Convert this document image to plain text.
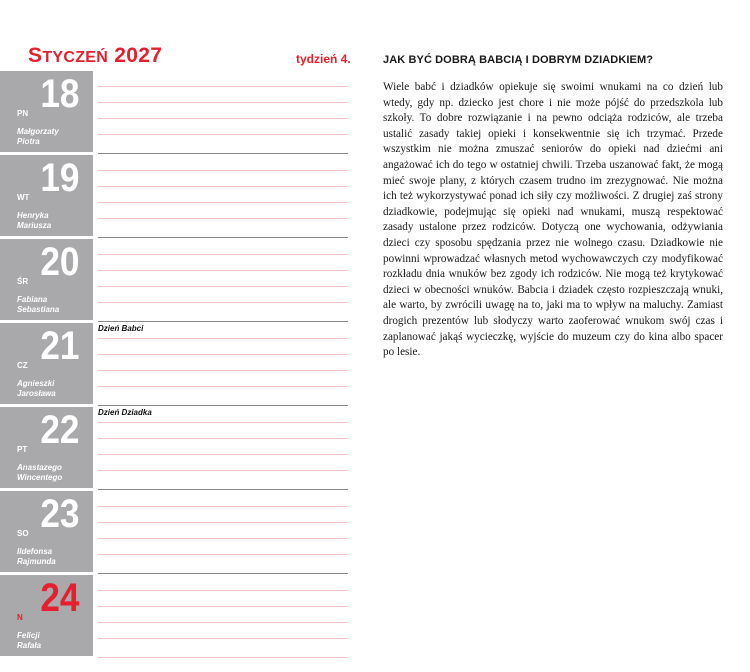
STYCZEŃ 2027	tydzień 4.
18
PN
Małgorzaty
Piotra
19
WT
Henryka
Mariusza
20
ŚR
Fabiana
Sebastiana
21
CZ
Agnieszki
Jarosława
Dzień Babci
22
PT
Anastazego
Wincentego
Dzień Dziadka
23
SO
Ildefonsa
Rajmunda
24
N
Felicji
Rafała
JAK BYĆ DOBRĄ BABCIĄ I DOBRYM DZIADKIEM?

Wiele babć i dziadków opiekuje się swoimi wnukami na co dzień lub wtedy, gdy np. dziecko jest chore i nie może pójść do przedszkola lub szkoły. To dobre rozwiązanie i na pewno odciąża rodziców, ale trzeba ustalić zasady takiej opieki i konsekwentnie się ich trzymać. Przede wszystkim nie można zmuszać seniorów do opieki nad dziećmi ani angażować ich do tego w ostatniej chwili. Trzeba uszanować fakt, że mogą mieć swoje plany, z których czasem trudno im zrezygnować. Nie można ich też wykorzystywać ponad ich siły czy możliwości. Z drugiej zaś strony dziadkowie, podejmując się opieki nad wnukami, muszą respektować zasady ustalone przez rodziców. Dotyczą one wychowania, odżywiania dzieci czy sposobu spędzania przez nie wolnego czasu. Dziadkowie nie powinni wprowadzać własnych metod wychowawczych czy modyfikować rozkładu dnia wnuków bez zgody ich rodziców. Nie mogą też krytykować dzieci w obecności wnuków. Babcia i dziadek często rozpieszczają wnuki, ale warto, by zwrócili uwagę na to, jaki ma to wpływ na maluchy. Zamiast drogich prezentów lub słodyczy warto zaoferować wnukom swój czas i zaplanować jakąś wycieczkę, wyjście do muzeum czy do kina albo spacer po lesie.
